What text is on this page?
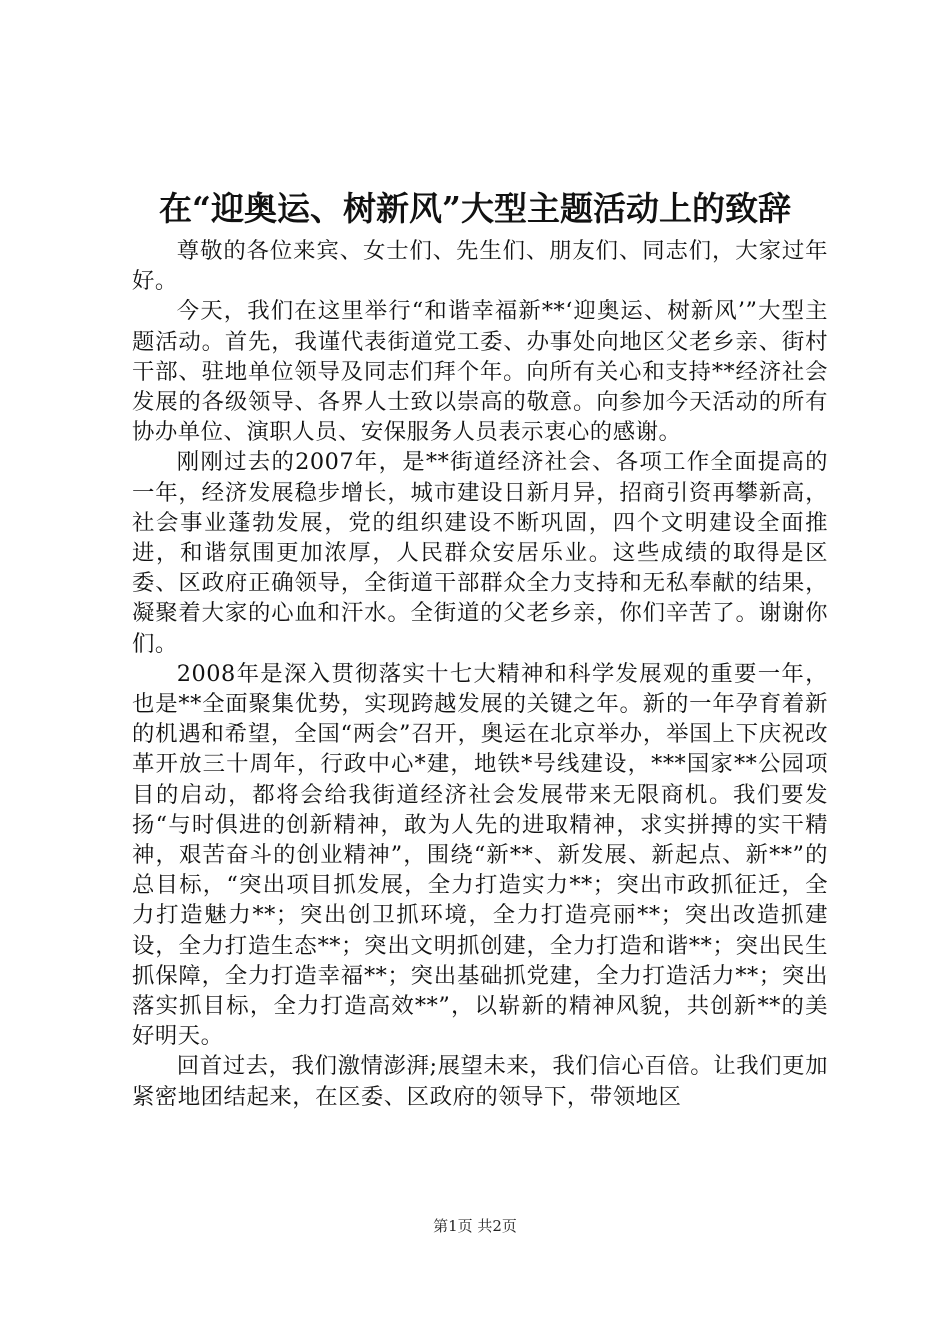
在“迎奥运、树新风”大型主题活动上的致辞

尊敬的各位来宾、女士们、先生们、朋友们、同志们，大家过年好。

今天，我们在这里举行“和谐幸福新**‘迎奥运、树新风’”大型主题活动。首先，我谨代表街道党工委、办事处向地区父老乡亲、街村干部、驻地单位领导及同志们拜个年。向所有关心和支持**经济社会发展的各级领导、各界人士致以崇高的敬意。向参加今天活动的所有协办单位、演职人员、安保服务人员表示衷心的感谢。

刚刚过去的2007年，是**街道经济社会、各项工作全面提高的一年，经济发展稳步增长，城市建设日新月异，招商引资再攀新高，社会事业蓬勃发展，党的组织建设不断巩固，四个文明建设全面推进，和谐氛围更加浓厚，人民群众安居乐业。这些成绩的取得是区委、区政府正确领导，全街道干部群众全力支持和无私奉献的结果，凝聚着大家的心血和汗水。全街道的父老乡亲，你们辛苦了。谢谢你们。

2008年是深入贯彻落实十七大精神和科学发展观的重要一年，也是**全面聚集优势，实现跨越发展的关键之年。新的一年孕育着新的机遇和希望，全国“两会”召开，奥运在北京举办，举国上下庆祝改革开放三十周年，行政中心*建，地铁*号线建设，***国家**公园项目的启动，都将会给我街道经济社会发展带来无限商机。我们要发扬“与时俱进的创新精神，敢为人先的进取精神，求实拼搏的实干精神，艰苦奋斗的创业精神”，围绕“新**、新发展、新起点、新**”的总目标，“突出项目抓发展，全力打造实力**；突出市政抓征迁，全力打造魅力**；突出创卫抓环境，全力打造亮丽**；突出改造抓建设，全力打造生态**；突出文明抓创建，全力打造和谐**；突出民生抓保障，全力打造幸福**；突出基础抓党建，全力打造活力**；突出落实抓目标，全力打造高效**”，以崭新的精神风貌，共创新**的美好明天。

回首过去，我们激情澎湃;展望未来，我们信心百倍。让我们更加紧密地团结起来，在区委、区政府的领导下，带领地区

第1页 共2页
